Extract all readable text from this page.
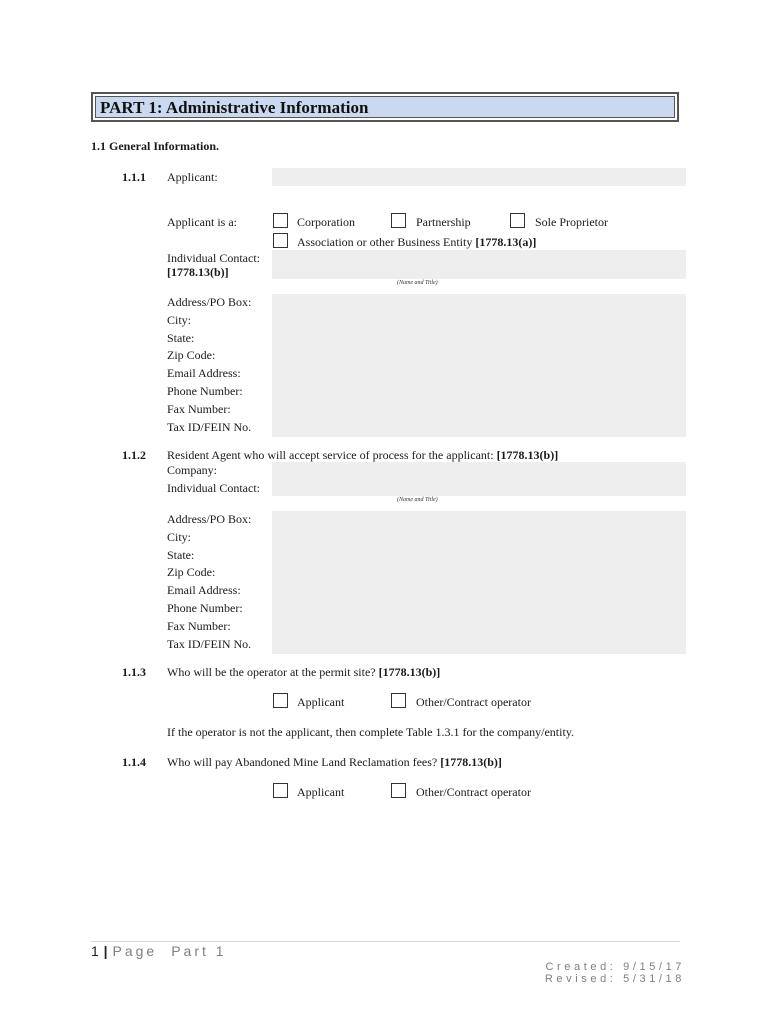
PART 1: Administrative Information
1.1 General Information.
1.1.1 Applicant:
Applicant is a:	Corporation	Partnership	Sole Proprietor
Association or other Business Entity [1778.13(a)]
Individual Contact:
[1778.13(b)]
(Name and Title)
Address/PO Box:
City:
State:
Zip Code:
Email Address:
Phone Number:
Fax Number:
Tax ID/FEIN No.
1.1.2 Resident Agent who will accept service of process for the applicant: [1778.13(b)]
Company:
Individual Contact:
(Name and Title)
Address/PO Box:
City:
State:
Zip Code:
Email Address:
Phone Number:
Fax Number:
Tax ID/FEIN No.
1.1.3 Who will be the operator at the permit site? [1778.13(b)]
Applicant	Other/Contract operator
If the operator is not the applicant, then complete Table 1.3.1 for the company/entity.
1.1.4 Who will pay Abandoned Mine Land Reclamation fees? [1778.13(b)]
Applicant	Other/Contract operator
1 | Page Part 1
Created: 9/15/17
Revised: 5/31/18
